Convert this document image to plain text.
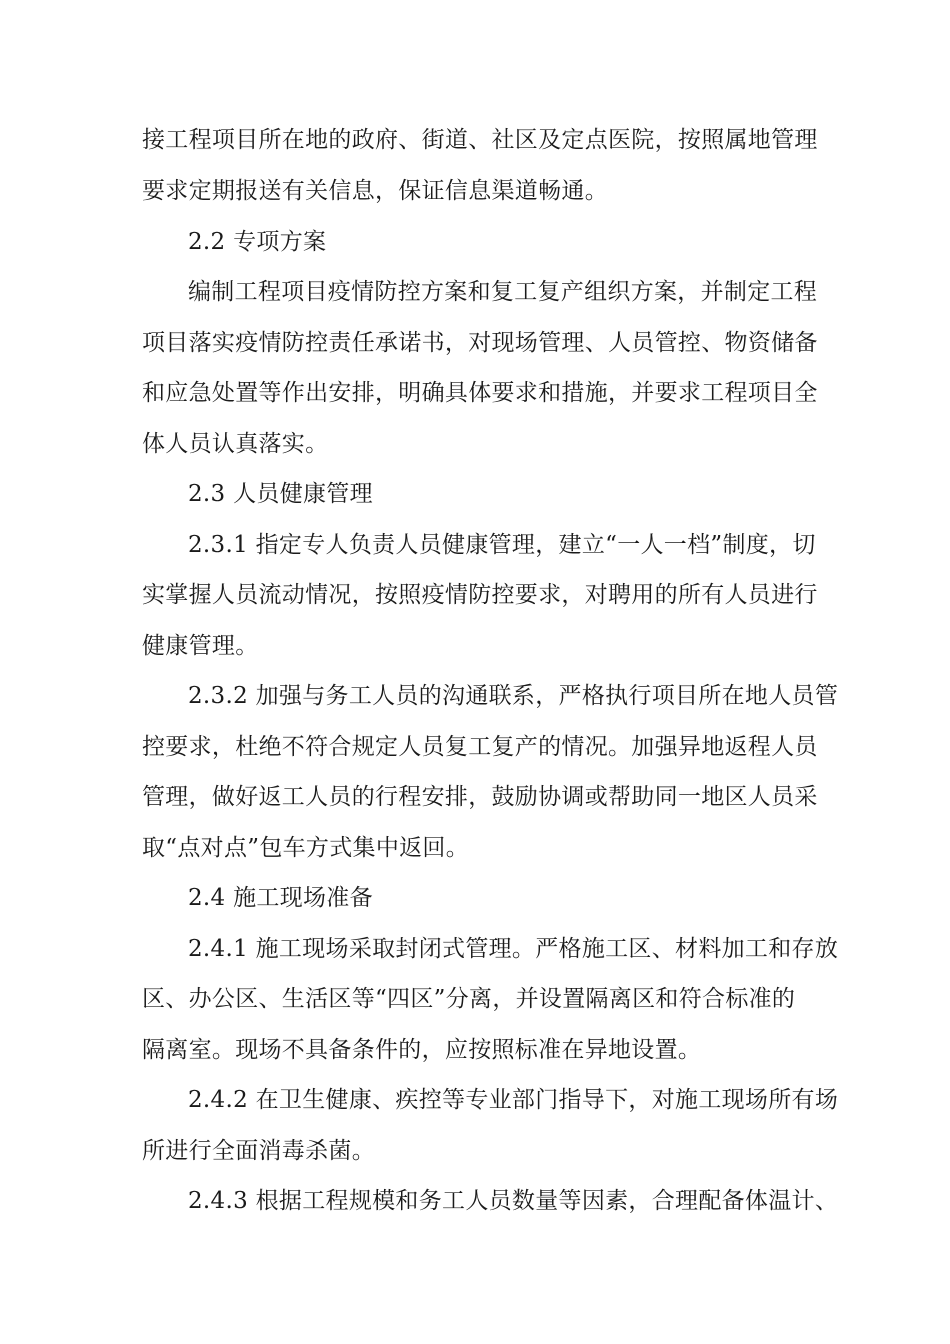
接工程项目所在地的政府、街道、社区及定点医院，按照属地管理
要求定期报送有关信息，保证信息渠道畅通。
2.2 专项方案
编制工程项目疫情防控方案和复工复产组织方案，并制定工程
项目落实疫情防控责任承诺书，对现场管理、人员管控、物资储备
和应急处置等作出安排，明确具体要求和措施，并要求工程项目全
体人员认真落实。
2.3 人员健康管理
2.3.1 指定专人负责人员健康管理，建立“一人一档”制度，切
实掌握人员流动情况，按照疫情防控要求，对聘用的所有人员进行
健康管理。
2.3.2 加强与务工人员的沟通联系，严格执行项目所在地人员管
控要求，杜绝不符合规定人员复工复产的情况。加强异地返程人员
管理，做好返工人员的行程安排，鼓励协调或帮助同一地区人员采
取“点对点”包车方式集中返回。
2.4 施工现场准备
2.4.1 施工现场采取封闭式管理。严格施工区、材料加工和存放
区、办公区、生活区等“四区”分离，并设置隔离区和符合标准的
隔离室。现场不具备条件的，应按照标准在异地设置。
2.4.2 在卫生健康、疾控等专业部门指导下，对施工现场所有场
所进行全面消毒杀菌。
2.4.3 根据工程规模和务工人员数量等因素，合理配备体温计、
